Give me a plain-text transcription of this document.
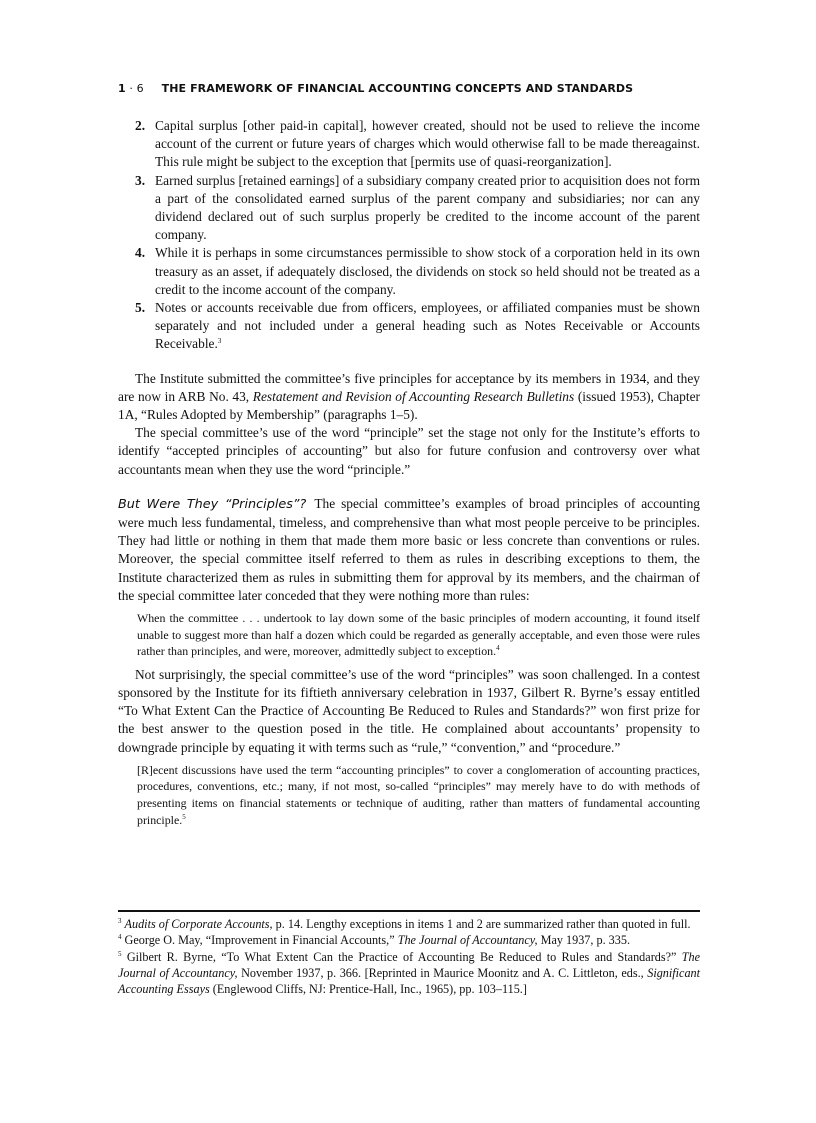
1 · 6 THE FRAMEWORK OF FINANCIAL ACCOUNTING CONCEPTS AND STANDARDS
2. Capital surplus [other paid-in capital], however created, should not be used to relieve the income account of the current or future years of charges which would otherwise fall to be made thereagainst. This rule might be subject to the exception that [permits use of quasi-reorganization].
3. Earned surplus [retained earnings] of a subsidiary company created prior to acquisition does not form a part of the consolidated earned surplus of the parent company and subsidiaries; nor can any dividend declared out of such surplus properly be credited to the income account of the parent company.
4. While it is perhaps in some circumstances permissible to show stock of a corporation held in its own treasury as an asset, if adequately disclosed, the dividends on stock so held should not be treated as a credit to the income account of the company.
5. Notes or accounts receivable due from officers, employees, or affiliated companies must be shown separately and not included under a general heading such as Notes Receivable or Accounts Receivable.$^3$

The Institute submitted the committee’s five principles for acceptance by its members in 1934, and they are now in ARB No. 43, Restatement and Revision of Accounting Research Bulletins (issued 1953), Chapter 1A, “Rules Adopted by Membership” (paragraphs 1–5).

The special committee’s use of the word “principle” set the stage not only for the Institute’s efforts to identify “accepted principles of accounting” but also for future confusion and controversy over what accountants mean when they use the word “principle.”

But Were They “Principles”? The special committee’s examples of broad principles of accounting were much less fundamental, timeless, and comprehensive than what most people perceive to be principles. They had little or nothing in them that made them more basic or less concrete than conventions or rules. Moreover, the special committee itself referred to them as rules in describing exceptions to them, the Institute characterized them as rules in submitting them for approval by its members, and the chairman of the special committee later conceded that they were nothing more than rules:

When the committee . . . undertook to lay down some of the basic principles of modern accounting, it found itself unable to suggest more than half a dozen which could be regarded as generally acceptable, and even those were rules rather than principles, and were, moreover, admittedly subject to exception.$^4$

Not surprisingly, the special committee’s use of the word “principles” was soon challenged. In a contest sponsored by the Institute for its fiftieth anniversary celebration in 1937, Gilbert R. Byrne’s essay entitled “To What Extent Can the Practice of Accounting Be Reduced to Rules and Standards?” won first prize for the best answer to the question posed in the title. He complained about accountants’ propensity to downgrade principle by equating it with terms such as “rule,” “convention,” and “procedure.”

[R]ecent discussions have used the term “accounting principles” to cover a conglomeration of accounting practices, procedures, conventions, etc.; many, if not most, so-called “principles” may merely have to do with methods of presenting items on financial statements or technique of auditing, rather than matters of fundamental accounting principle.$^5$
$^3$ Audits of Corporate Accounts, p. 14. Lengthy exceptions in items 1 and 2 are summarized rather than quoted in full.
$^4$ George O. May, “Improvement in Financial Accounts,” The Journal of Accountancy, May 1937, p. 335.
$^5$ Gilbert R. Byrne, “To What Extent Can the Practice of Accounting Be Reduced to Rules and Standards?” The Journal of Accountancy, November 1937, p. 366. [Reprinted in Maurice Moonitz and A. C. Littleton, eds., Significant Accounting Essays (Englewood Cliffs, NJ: Prentice-Hall, Inc., 1965), pp. 103–115.]
